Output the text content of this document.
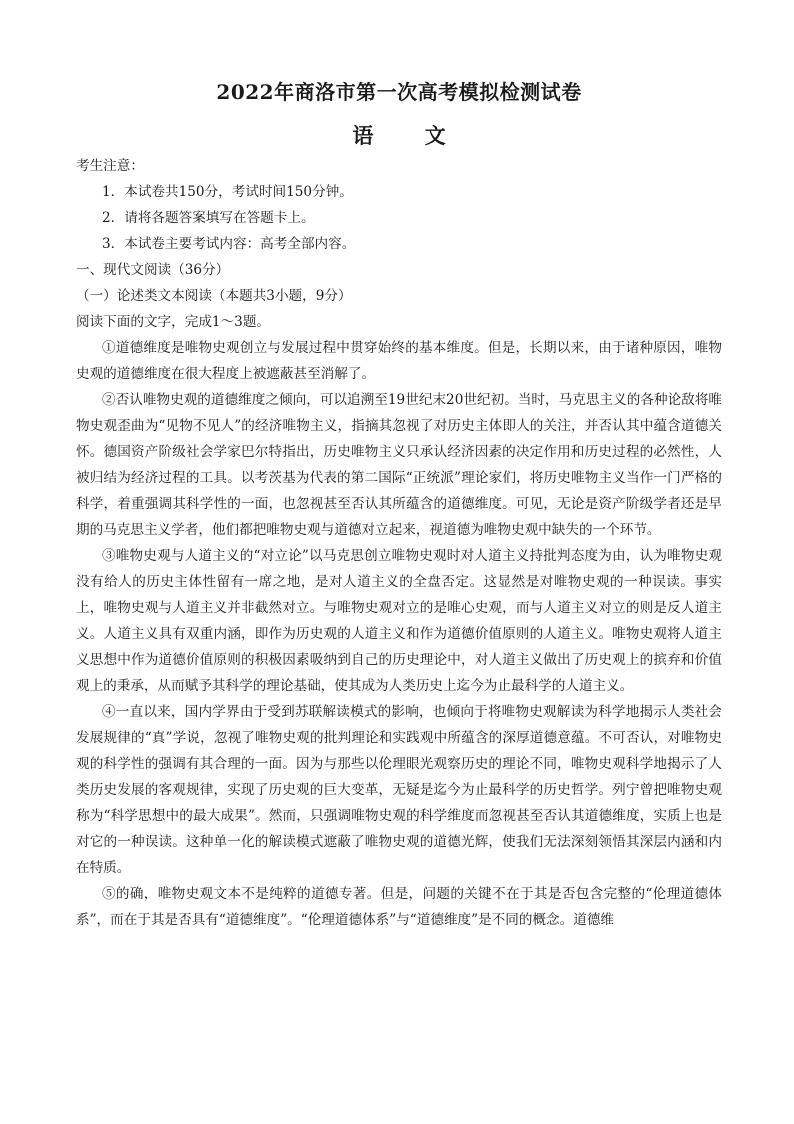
2022年商洛市第一次高考模拟检测试卷
语 文
考生注意：
1．本试卷共150分，考试时间150分钟。
2．请将各题答案填写在答题卡上。
3．本试卷主要考试内容：高考全部内容。
一、现代文阅读（36分）
（一）论述类文本阅读（本题共3小题，9分）
阅读下面的文字，完成1～3题。

①道德维度是唯物史观创立与发展过程中贯穿始终的基本维度。但是，长期以来，由于诸种原因，唯物史观的道德维度在很大程度上被遮蔽甚至消解了。

②否认唯物史观的道德维度之倾向，可以追溯至19世纪末20世纪初。当时，马克思主义的各种论敌将唯物史观歪曲为“见物不见人”的经济唯物主义，指摘其忽视了对历史主体即人的关注，并否认其中蕴含道德关怀。德国资产阶级社会学家巴尔特指出，历史唯物主义只承认经济因素的决定作用和历史过程的必然性，人被归结为经济过程的工具。以考茨基为代表的第二国际“正统派”理论家们，将历史唯物主义当作一门严格的科学，着重强调其科学性的一面，也忽视甚至否认其所蕴含的道德维度。可见，无论是资产阶级学者还是早期的马克思主义学者，他们都把唯物史观与道德对立起来，视道德为唯物史观中缺失的一个环节。

③唯物史观与人道主义的“对立论”以马克思创立唯物史观时对人道主义持批判态度为由，认为唯物史观没有给人的历史主体性留有一席之地，是对人道主义的全盘否定。这显然是对唯物史观的一种误读。事实上，唯物史观与人道主义并非截然对立。与唯物史观对立的是唯心史观，而与人道主义对立的则是反人道主义。人道主义具有双重内涵，即作为历史观的人道主义和作为道德价值原则的人道主义。唯物史观将人道主义思想中作为道德价值原则的积极因素吸纳到自己的历史理论中，对人道主义做出了历史观上的摈弃和价值观上的秉承，从而赋予其科学的理论基础，使其成为人类历史上迄今为止最科学的人道主义。

④一直以来，国内学界由于受到苏联解读模式的影响，也倾向于将唯物史观解读为科学地揭示人类社会发展规律的“真”学说，忽视了唯物史观的批判理论和实践观中所蕴含的深厚道德意蕴。不可否认，对唯物史观的科学性的强调有其合理的一面。因为与那些以伦理眼光观察历史的理论不同，唯物史观科学地揭示了人类历史发展的客观规律，实现了历史观的巨大变革，无疑是迄今为止最科学的历史哲学。列宁曾把唯物史观称为“科学思想中的最大成果”。然而，只强调唯物史观的科学维度而忽视甚至否认其道德维度，实质上也是对它的一种误读。这种单一化的解读模式遮蔽了唯物史观的道德光辉，使我们无法深刻领悟其深层内涵和内在特质。

⑤的确，唯物史观文本不是纯粹的道德专著。但是，问题的关键不在于其是否包含完整的“伦理道德体系”，而在于其是否具有“道德维度”。“伦理道德体系”与“道德维度”是不同的概念。道德维
